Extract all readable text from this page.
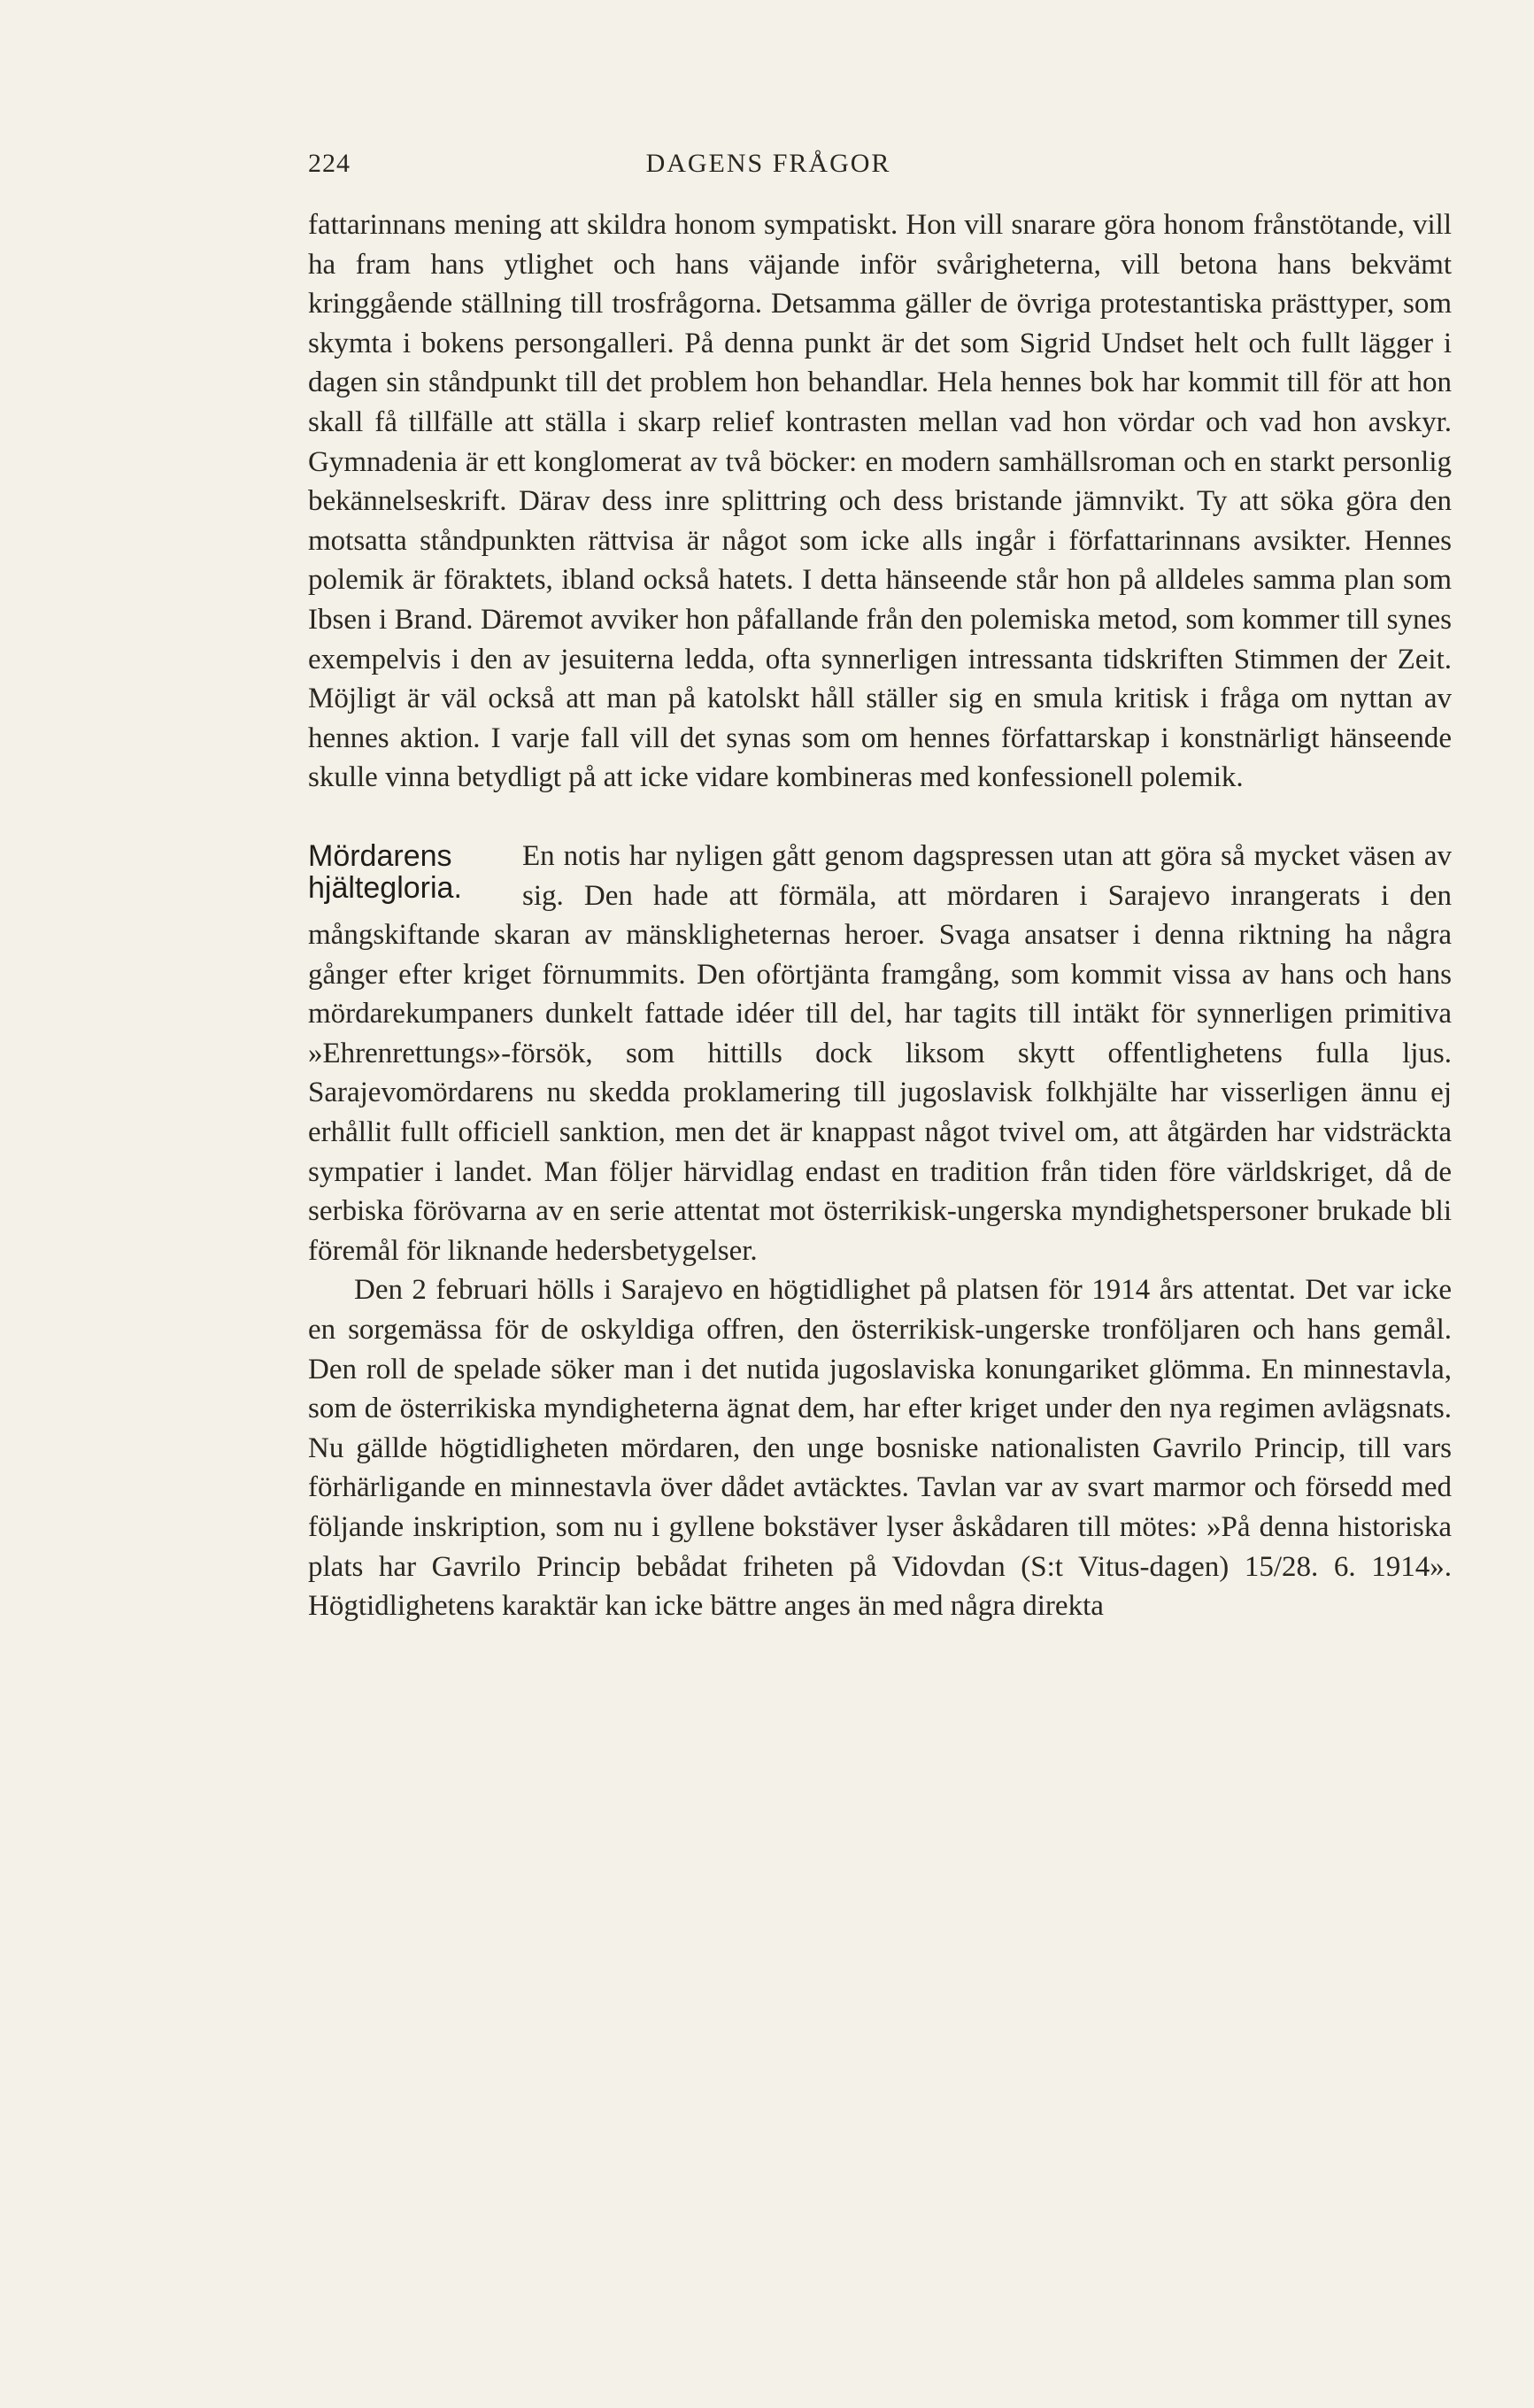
224	DAGENS FRÅGOR

fattarinnans mening att skildra honom sympatiskt. Hon vill snarare göra honom frånstötande, vill ha fram hans ytlighet och hans väjande inför svårigheterna, vill betona hans bekvämt kringgående ställning till trosfrågorna. Detsamma gäller de övriga protestantiska prästtyper, som skymta i bokens persongalleri. På denna punkt är det som Sigrid Undset helt och fullt lägger i dagen sin ståndpunkt till det problem hon behandlar. Hela hennes bok har kommit till för att hon skall få tillfälle att ställa i skarp relief kontrasten mellan vad hon vördar och vad hon avskyr. Gymnadenia är ett konglomerat av två böcker: en modern samhällsroman och en starkt personlig bekännelseskrift. Därav dess inre splittring och dess bristande jämnvikt. Ty att söka göra den motsatta ståndpunkten rättvisa är något som icke alls ingår i författarinnans avsikter. Hennes polemik är föraktets, ibland också hatets. I detta hänseende står hon på alldeles samma plan som Ibsen i Brand. Däremot avviker hon påfallande från den polemiska metod, som kommer till synes exempelvis i den av jesuiterna ledda, ofta synnerligen intressanta tidskriften Stimmen der Zeit. Möjligt är väl också att man på katolskt håll ställer sig en smula kritisk i fråga om nyttan av hennes aktion. I varje fall vill det synas som om hennes författarskap i konstnärligt hänseende skulle vinna betydligt på att icke vidare kombineras med konfessionell polemik.

Mördarens
hjältegloria.

En notis har nyligen gått genom dagspressen utan att göra så mycket väsen av sig. Den hade att förmäla, att mördaren i Sarajevo inrangerats i den mångskiftande skaran av mänskligheternas heroer. Svaga ansatser i denna riktning ha några gånger efter kriget förnummits. Den oförtjänta framgång, som kommit vissa av hans och hans mördarekumpaners dunkelt fattade idéer till del, har tagits till intäkt för synnerligen primitiva »Ehrenrettungs»-försök, som hittills dock liksom skytt offentlighetens fulla ljus. Sarajevomördarens nu skedda proklamering till jugoslavisk folkhjälte har visserligen ännu ej erhållit fullt officiell sanktion, men det är knappast något tvivel om, att åtgärden har vidsträckta sympatier i landet. Man följer härvidlag endast en tradition från tiden före världskriget, då de serbiska förövarna av en serie attentat mot österrikisk-ungerska myndighetspersoner brukade bli föremål för liknande hedersbetygelser.

Den 2 februari hölls i Sarajevo en högtidlighet på platsen för 1914 års attentat. Det var icke en sorgemässa för de oskyldiga offren, den österrikisk-ungerske tronföljaren och hans gemål. Den roll de spelade söker man i det nutida jugoslaviska konungariket glömma. En minnestavla, som de österrikiska myndigheterna ägnat dem, har efter kriget under den nya regimen avlägsnats. Nu gällde högtidligheten mördaren, den unge bosniske nationalisten Gavrilo Princip, till vars förhärligande en minnestavla över dådet avtäcktes. Tavlan var av svart marmor och försedd med följande inskription, som nu i gyllene bokstäver lyser åskådaren till mötes: »På denna historiska plats har Gavrilo Princip bebådat friheten på Vidovdan (S:t Vitus-dagen) 15/28. 6. 1914». Högtidlighetens karaktär kan icke bättre anges än med några direkta
